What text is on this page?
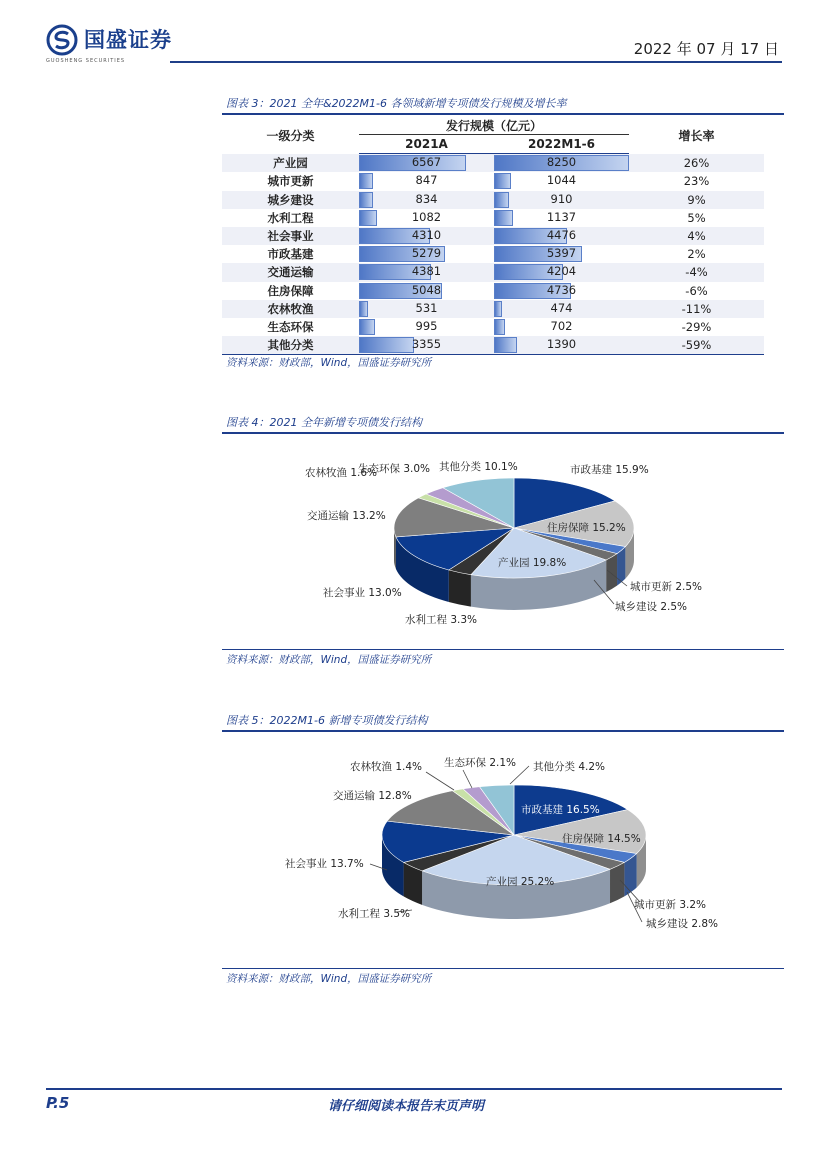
国盛证券
GUOSHENG SECURITIES
2022 年 07 月 17 日
图表 3：2021 全年&2022M1-6 各领域新增专项债发行规模及增长率
一级分类	发行规模（亿元）		增长率
	2021A	2022M1-6	
产业园	6567	8250	26%
城市更新	847	1044	23%
城乡建设	834	910	9%
水利工程	1082	1137	5%
社会事业	4310	4476	4%
市政基建	5279	5397	2%
交通运输	4381	4204	-4%
住房保障	5048	4736	-6%
农林牧渔	531	474	-11%
生态环保	995	702	-29%
其他分类	3355	1390	-59%
资料来源：财政部，Wind，国盛证券研究所
图表 4：2021 全年新增专项债发行结构
市政基建 15.9%
住房保障 15.2%
城市更新 2.5%
城乡建设 2.5%
产业园 19.8%
水利工程 3.3%
社会事业 13.0%
交通运输 13.2%
农林牧渔 1.6%
生态环保 3.0% 其他分类 10.1%
资料来源：财政部，Wind，国盛证券研究所
图表 5：2022M1-6 新增专项债发行结构
市政基建 16.5%
住房保障 14.5%
城市更新 3.2%
城乡建设 2.8%
产业园 25.2%
水利工程 3.5%
社会事业 13.7%
交通运输 12.8%
农林牧渔 1.4% 生态环保 2.1% 其他分类 4.2%
资料来源：财政部，Wind，国盛证券研究所
P.5	请仔细阅读本报告末页声明
